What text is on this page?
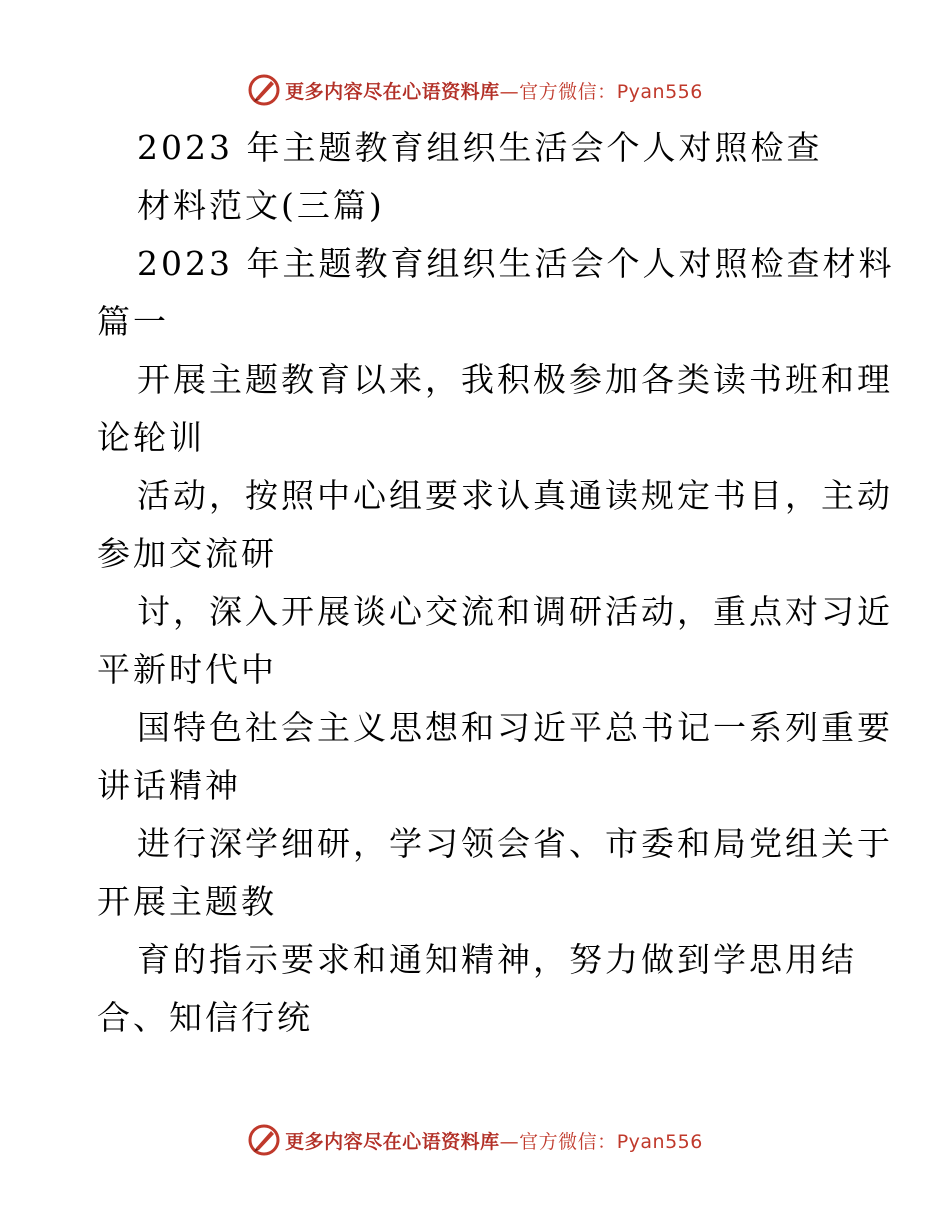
更多内容尽在心语资料库—官方微信：Pyan556
2023 年主题教育组织生活会个人对照检查
材料范文(三篇)
2023 年主题教育组织生活会个人对照检查材料
篇一
开展主题教育以来，我积极参加各类读书班和理
论轮训
活动，按照中心组要求认真通读规定书目，主动
参加交流研
讨，深入开展谈心交流和调研活动，重点对习近
平新时代中
国特色社会主义思想和习近平总书记一系列重要
讲话精神
进行深学细研，学习领会省、市委和局党组关于
开展主题教
育的指示要求和通知精神，努力做到学思用结
合、知信行统
更多内容尽在心语资料库—官方微信：Pyan556
